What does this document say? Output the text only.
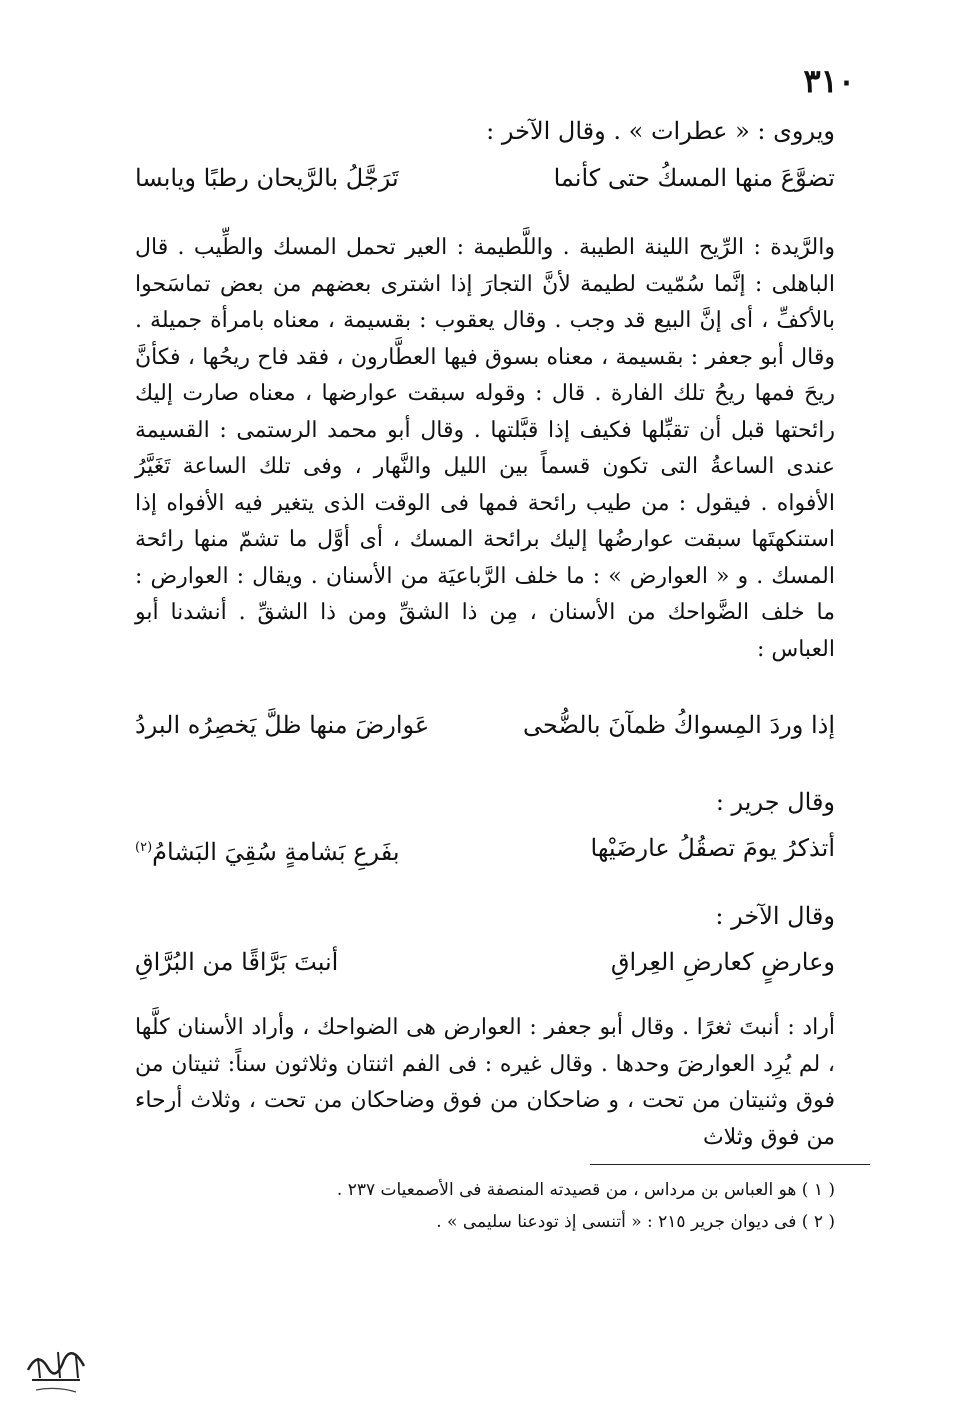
٣١٠
ويروى : « عطرات » . وقال الآخر :
تضوَّعَ منها المسكُ حتى كأنما
تَرَجَّلُ بالرَّيحان رطبًا ويابسا

والرَّيدة : الرِّيح اللينة الطيبة . واللَّطيمة : العير تحمل المسك والطِّيب . قال الباهلى : إنَّما سُمّيت لطيمة لأنَّ التجارَ إذا اشترى بعضهم من بعض تماسَحوا بالأكفِّ ، أى إنَّ البيع قد وجب . وقال يعقوب : بقسيمة ، معناه بامرأة جميلة . وقال أبو جعفر : بقسيمة ، معناه بسوق فيها العطَّارون ، فقد فاح ريحُها ، فكأنَّ ريحَ فمها ريحُ تلك الفارة . قال : وقوله سبقت عوارضها ، معناه صارت إليك رائحتها قبل أن تقبِّلها فكيف إذا قبَّلتها . وقال أبو محمد الرستمى : القسيمة عندى الساعةُ التى تكون قسماً بين الليل والنَّهار ، وفى تلك الساعة تَغَيَّرُ الأفواه . فيقول : من طيب رائحة فمها فى الوقت الذى يتغير فيه الأفواه إذا استنكهتَها سبقت عوارضُها إليك برائحة المسك ، أى أوَّل ما تشمّ منها رائحة المسك . و « العوارض » : ما خلف الرَّباعيَة من الأسنان . ويقال : العوارض : ما خلف الضَّواحك من الأسنان ، مِن ذا الشقِّ ومن ذا الشقِّ . أنشدنا أبو العباس :

إذا وردَ المِسواكُ ظمآنَ بالضُّحى
عَوارضَ منها ظلَّ يَخصِرُه البردُ
وقال جرير :
أتذكرُ يومَ تصقُلُ عارضَيْها
بفَرعِ بَشامةٍ سُقِيَ البَشامُ$^{(٢)}$
وقال الآخر :
وعارضٍ كعارضِ العِراقِ
أنبتَ بَرَّاقًا من البُرَّاقِ

أراد : أنبتَ ثغرًا . وقال أبو جعفر : العوارض هى الضواحك ، وأراد الأسنان كلَّها ، لم يُرِد العوارضَ وحدها . وقال غيره : فى الفم اثنتان وثلاثون سناً: ثنيتان من فوق وثنيتان من تحت ، و ضاحكان من فوق وضاحكان من تحت ، وثلاث أرحاء من فوق وثلاث

( ١ ) هو العباس بن مرداس ، من قصيدته المنصفة فى الأصمعيات ٢٣٧ .
( ٢ ) فى ديوان جرير ٢١٥ : « أتنسى إذ تودعنا سليمى » .
